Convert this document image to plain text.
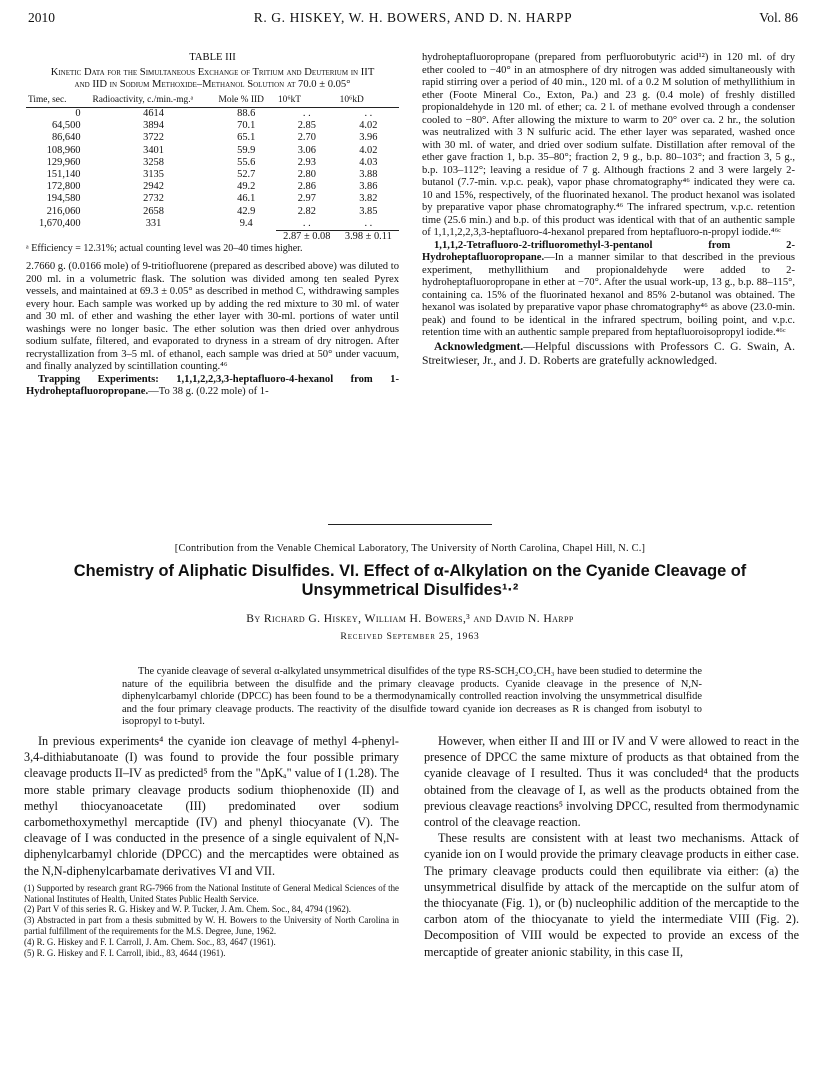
2010	R. G. HISKEY, W. H. BOWERS, AND D. N. HARPP	Vol. 86
TABLE III
Kinetic Data for the Simultaneous Exchange of Tritium and Deuterium in IIT and IID in Sodium Methoxide–Methanol Solution at 70.0 ± 0.05°
Time, sec.	Radioactivity, c./min.-mg.ᵃ	Mole % IID	10⁶kT	10⁶kD
0	4614	88.6	. .	. .
64,500	3894	70.1	2.85	4.02
86,640	3722	65.1	2.70	3.96
108,960	3401	59.9	3.06	4.02
129,960	3258	55.6	2.93	4.03
151,140	3135	52.7	2.80	3.88
172,800	2942	49.2	2.86	3.86
194,580	2732	46.1	2.97	3.82
216,060	2658	42.9	2.82	3.85
1,670,400	331	9.4	. .	. .
			2.87 ± 0.08	3.98 ± 0.11

ᵃ Efficiency = 12.31%; actual counting level was 20–40 times higher.

2.7660 g. (0.0166 mole) of 9-tritiofluorene (prepared as described above) was diluted to 200 ml. in a volumetric flask. The solution was divided among ten sealed Pyrex vessels, and maintained at 69.3 ± 0.05° as described in method C, withdrawing samples every hour. Each sample was worked up by adding the red mixture to 30 ml. of water and 30 ml. of ether and washing the ether layer with 30-ml. portions of water until washings were no longer basic. The ether solution was then dried over anhydrous sodium sulfate, filtered, and evaporated to dryness in a stream of dry nitrogen. After recrystallization from 3–5 ml. of ethanol, each sample was dried at 50° under vacuum, and finally analyzed by scintillation counting.⁴⁶

Trapping Experiments: 1,1,1,2,2,3,3-heptafluoro-4-hexanol from 1-Hydroheptafluoropropane.—To 38 g. (0.22 mole) of 1-

hydroheptafluoropropane (prepared from perfluorobutyric acid¹²) in 120 ml. of dry ether cooled to −40° in an atmosphere of dry nitrogen was added simultaneously with rapid stirring over a period of 40 min., 120 ml. of a 0.2 M solution of methyllithium in ether (Foote Mineral Co., Exton, Pa.) and 23 g. (0.4 mole) of freshly distilled propionaldehyde in 120 ml. of ether; ca. 2 l. of methane evolved through a condenser cooled to −80°. After allowing the mixture to warm to 20° over ca. 2 hr., the solution was neutralized with 3 N sulfuric acid. The ether layer was separated, washed once with 30 ml. of water, and dried over sodium sulfate. Distillation after removal of the ether gave fraction 1, b.p. 35–80°; fraction 2, 9 g., b.p. 80–103°; and fraction 3, 5 g., b.p. 103–112°; leaving a residue of 7 g. Although fractions 2 and 3 were largely 2-butanol (7.7-min. v.p.c. peak), vapor phase chromatography⁴⁶ indicated they were ca. 10 and 15%, respectively, of the fluorinated hexanol. The product hexanol was isolated by preparative vapor phase chromatography.⁴⁶ The infrared spectrum, v.p.c. retention time (25.6 min.) and b.p. of this product was identical with that of an authentic sample of 1,1,1,2,2,3,3-heptafluoro-4-hexanol prepared from heptafluoro-n-propyl iodide.⁴⁶ᶜ

1,1,1,2-Tetrafluoro-2-trifluoromethyl-3-pentanol from 2-Hydroheptafluoropropane.—In a manner similar to that described in the previous experiment, methyllithium and propionaldehyde were added to 2-hydroheptafluoropropane in ether at −70°. After the usual work-up, 13 g., b.p. 88–115°, containing ca. 15% of the fluorinated hexanol and 85% 2-butanol was obtained. The hexanol was isolated by preparative vapor phase chromatography⁴⁶ as above (23.0-min. peak) and found to be identical in the infrared spectrum, boiling point, and v.p.c. retention time with an authentic sample prepared from heptafluoroisopropyl iodide.⁴⁶ᶜ

Acknowledgment.—Helpful discussions with Professors C. G. Swain, A. Streitwieser, Jr., and J. D. Roberts are gratefully acknowledged.

[Contribution from the Venable Chemical Laboratory, The University of North Carolina, Chapel Hill, N. C.]
Chemistry of Aliphatic Disulfides. VI. Effect of α-Alkylation on the Cyanide Cleavage of Unsymmetrical Disulfides¹·²
By Richard G. Hiskey, William H. Bowers,³ and David N. Harpp
Received September 25, 1963

The cyanide cleavage of several α-alkylated unsymmetrical disulfides of the type RS-SCH₂CO₂CH₃ have been studied to determine the nature of the equilibria between the disulfide and the primary cleavage products. Cyanide cleavage in the presence of N,N-diphenylcarbamyl chloride (DPCC) has been found to be a thermodynamically controlled reaction involving the unsymmetrical disulfide and the four primary cleavage products. The reactivity of the disulfide toward cyanide ion decreases as R is changed from isobutyl to isopropyl to t-butyl.

In previous experiments⁴ the cyanide ion cleavage of methyl 4-phenyl-3,4-dithiabutanoate (I) was found to provide the four possible primary cleavage products II–IV as predicted⁵ from the "ΔpKₐ" value of I (1.28). The more stable primary cleavage products sodium thiophenoxide (II) and methyl thiocyanoacetate (III) predominated over sodium carbomethoxymethyl mercaptide (IV) and phenyl thiocyanate (V). The cleavage of I was conducted in the presence of a single equivalent of N,N-diphenylcarbamyl chloride (DPCC) and the mercaptides were obtained as the N,N-diphenylcarbamate derivatives VI and VII.

(1) Supported by research grant RG-7966 from the National Institute of General Medical Sciences of the National Institutes of Health, United States Public Health Service.

(2) Part V of this series R. G. Hiskey and W. P. Tucker, J. Am. Chem. Soc., 84, 4794 (1962).

(3) Abstracted in part from a thesis submitted by W. H. Bowers to the University of North Carolina in partial fulfillment of the requirements for the M.S. Degree, June, 1962.

(4) R. G. Hiskey and F. I. Carroll, J. Am. Chem. Soc., 83, 4647 (1961).

(5) R. G. Hiskey and F. I. Carroll, ibid., 83, 4644 (1961).

However, when either II and III or IV and V were allowed to react in the presence of DPCC the same mixture of products as that obtained from the cyanide cleavage of I resulted. Thus it was concluded⁴ that the products obtained from the cleavage of I, as well as the products obtained from the previous cleavage reactions⁵ involving DPCC, resulted from thermodynamic control of the cleavage reaction.

These results are consistent with at least two mechanisms. Attack of cyanide ion on I would provide the primary cleavage products in either case. The primary cleavage products could then equilibrate via either: (a) the unsymmetrical disulfide by attack of the mercaptide on the sulfur atom of the thiocyanate (Fig. 1), or (b) nucleophilic addition of the mercaptide to the carbon atom of the thiocyanate to yield the intermediate VIII (Fig. 2). Decomposition of VIII would be expected to provide an excess of the mercaptide of greater anionic stability, in this case II,
